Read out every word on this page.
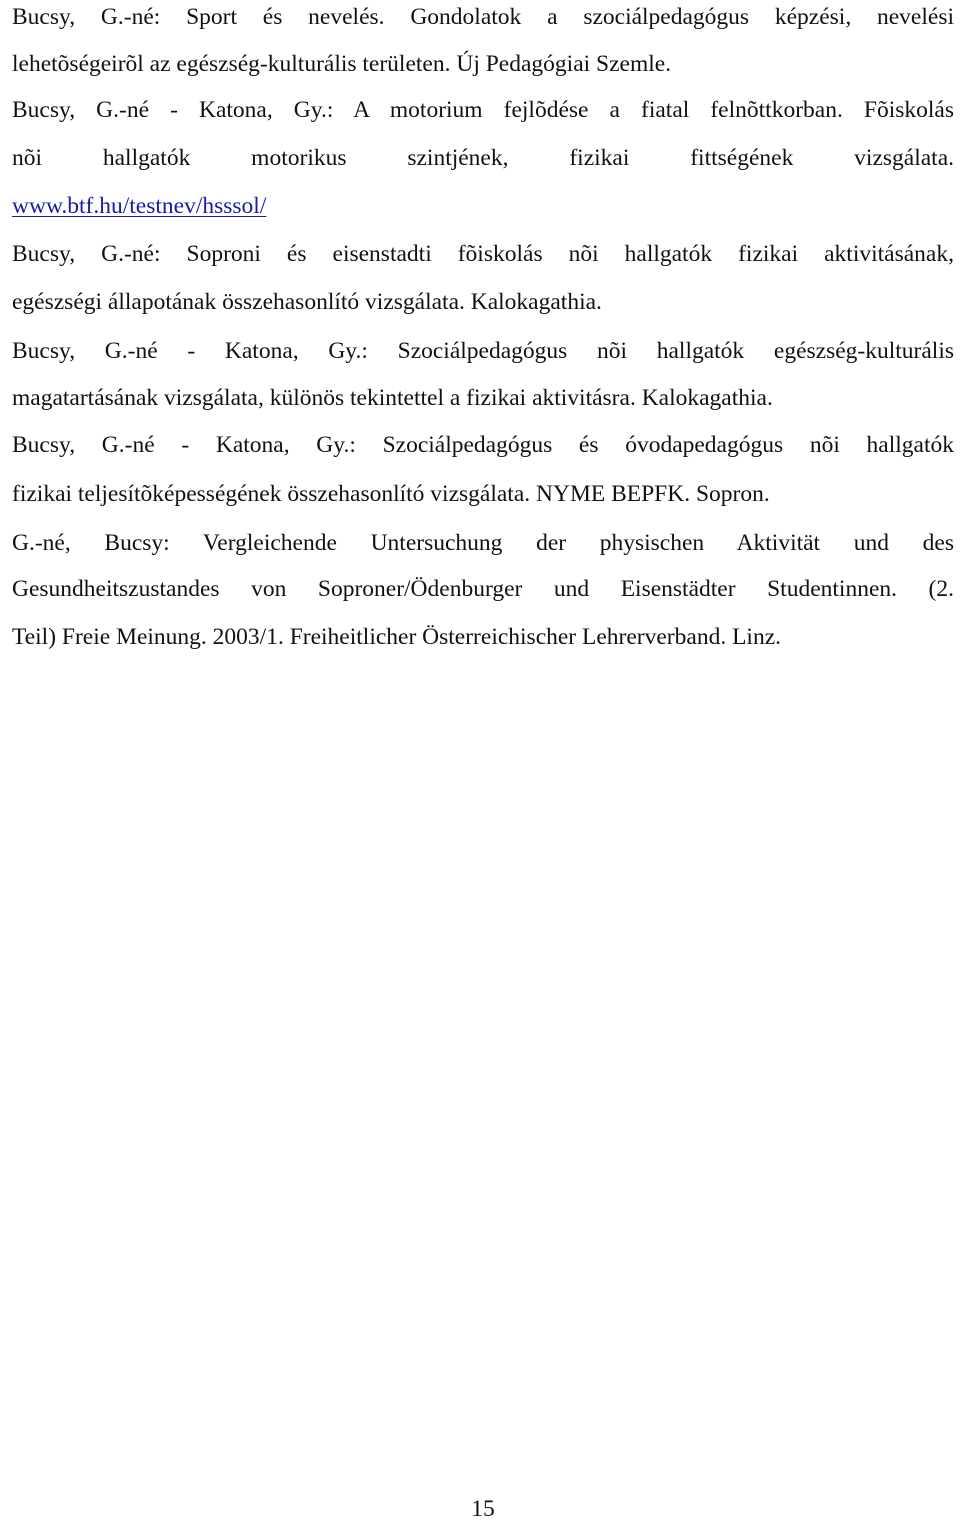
Bucsy, G.-né: Sport és nevelés. Gondolatok a szociálpedagógus képzési, nevelési
lehetõségeirõl az egészség-kulturális területen. Új Pedagógiai Szemle.
Bucsy, G.-né - Katona, Gy.: A motorium fejlõdése a fiatal felnõttkorban. Fõiskolás
nõi hallgatók motorikus szintjének, fizikai fittségének vizsgálata.
www.btf.hu/testnev/hsssol/
Bucsy, G.-né: Soproni és eisenstadti fõiskolás nõi hallgatók fizikai aktivitásának,
egészségi állapotának összehasonlító vizsgálata. Kalokagathia.
Bucsy, G.-né - Katona, Gy.: Szociálpedagógus nõi hallgatók egészség-kulturális
magatartásának vizsgálata, különös tekintettel a fizikai aktivitásra. Kalokagathia.
Bucsy, G.-né - Katona, Gy.: Szociálpedagógus és óvodapedagógus nõi hallgatók
fizikai teljesítõképességének összehasonlító vizsgálata. NYME BEPFK. Sopron.
G.-né, Bucsy: Vergleichende Untersuchung der physischen Aktivität und des
Gesundheitszustandes von Soproner/Ödenburger und Eisenstädter Studentinnen. (2.
Teil) Freie Meinung. 2003/1. Freiheitlicher Österreichischer Lehrerverband. Linz.
15
